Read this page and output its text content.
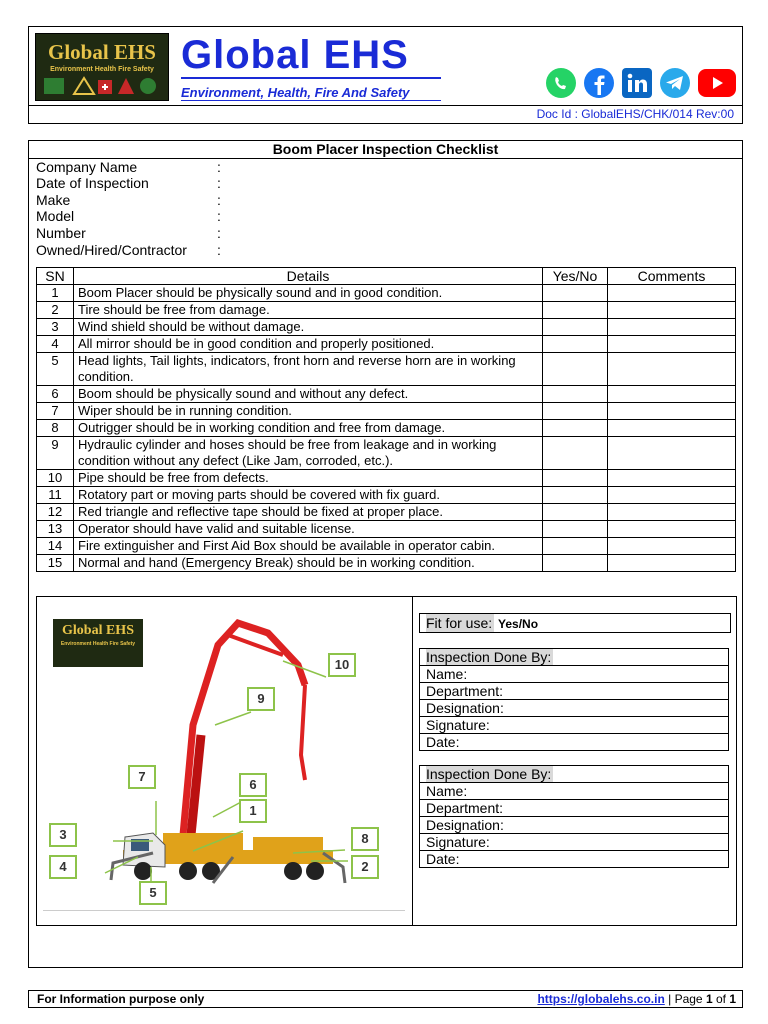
Global EHS
Environment Health Fire Safety Global EHS
Environment, Health, Fire And Safety
Doc Id : GlobalEHS/CHK/014 Rev:00
Boom Placer Inspection Checklist
Company Name	:
Date of Inspection	:
Make	:
Model	:
Number	:
Owned/Hired/Contractor :
SN	Details	Yes/No	Comments
1	Boom Placer should be physically sound and in good condition.		
2	Tire should be free from damage.		
3	Wind shield should be without damage.		
4	All mirror should be in good condition and properly positioned.		
5	Head lights, Tail lights, indicators, front horn and reverse horn are in working condition.		
6	Boom should be physically sound and without any defect.		
7	Wiper should be in running condition.		
8	Outrigger should be in working condition and free from damage.		
9	Hydraulic cylinder and hoses should be free from leakage and in working condition without any defect (Like Jam, corroded, etc.).		
10	Pipe should be free from defects.		
11	Rotatory part or moving parts should be covered with fix guard.		
12	Red triangle and reflective tape should be fixed at proper place.		
13	Operator should have valid and suitable license.		
14	Fire extinguisher and First Aid Box should be available in operator cabin.		
15	Normal and hand (Emergency Break) should be in working condition.		
Global EHS
Environment Health Fire Safety
10
9
7
6
1
3	8
4	2
5
Fit for use: Yes/No
Inspection Done By:
Name:
Department:
Designation:
Signature:
Date:
Inspection Done By:
Name:
Department:
Designation:
Signature:
Date:
For Information purpose only	https://globalehs.co.in | Page 1 of 1
